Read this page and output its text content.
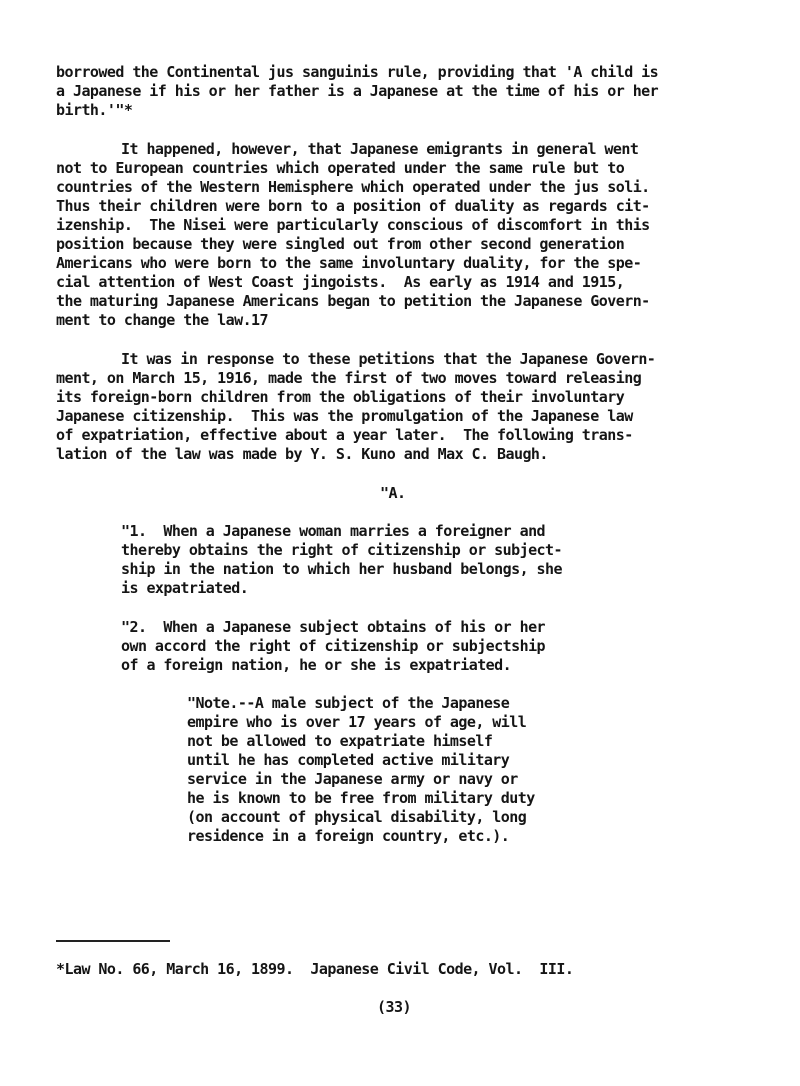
borrowed the Continental jus sanguinis rule, providing that 'A child is
a Japanese if his or her father is a Japanese at the time of his or her
birth.'"*
It happened, however, that Japanese emigrants in general went
not to European countries which operated under the same rule but to
countries of the Western Hemisphere which operated under the jus soli.
Thus their children were born to a position of duality as regards cit-
izenship.  The Nisei were particularly conscious of discomfort in this
position because they were singled out from other second generation
Americans who were born to the same involuntary duality, for the spe-
cial attention of West Coast jingoists.  As early as 1914 and 1915,
the maturing Japanese Americans began to petition the Japanese Govern-
ment to change the law.17
It was in response to these petitions that the Japanese Govern-
ment, on March 15, 1916, made the first of two moves toward releasing
its foreign-born children from the obligations of their involuntary
Japanese citizenship.  This was the promulgation of the Japanese law
of expatriation, effective about a year later.  The following trans-
lation of the law was made by Y. S. Kuno and Max C. Baugh.
"A.
"1.  When a Japanese woman marries a foreigner and
thereby obtains the right of citizenship or subject-
ship in the nation to which her husband belongs, she
is expatriated.
"2.  When a Japanese subject obtains of his or her
own accord the right of citizenship or subjectship
of a foreign nation, he or she is expatriated.
"Note.--A male subject of the Japanese
empire who is over 17 years of age, will
not be allowed to expatriate himself
until he has completed active military
service in the Japanese army or navy or
he is known to be free from military duty
(on account of physical disability, long
residence in a foreign country, etc.).
*Law No. 66, March 16, 1899.  Japanese Civil Code, Vol.  III.
(33)
